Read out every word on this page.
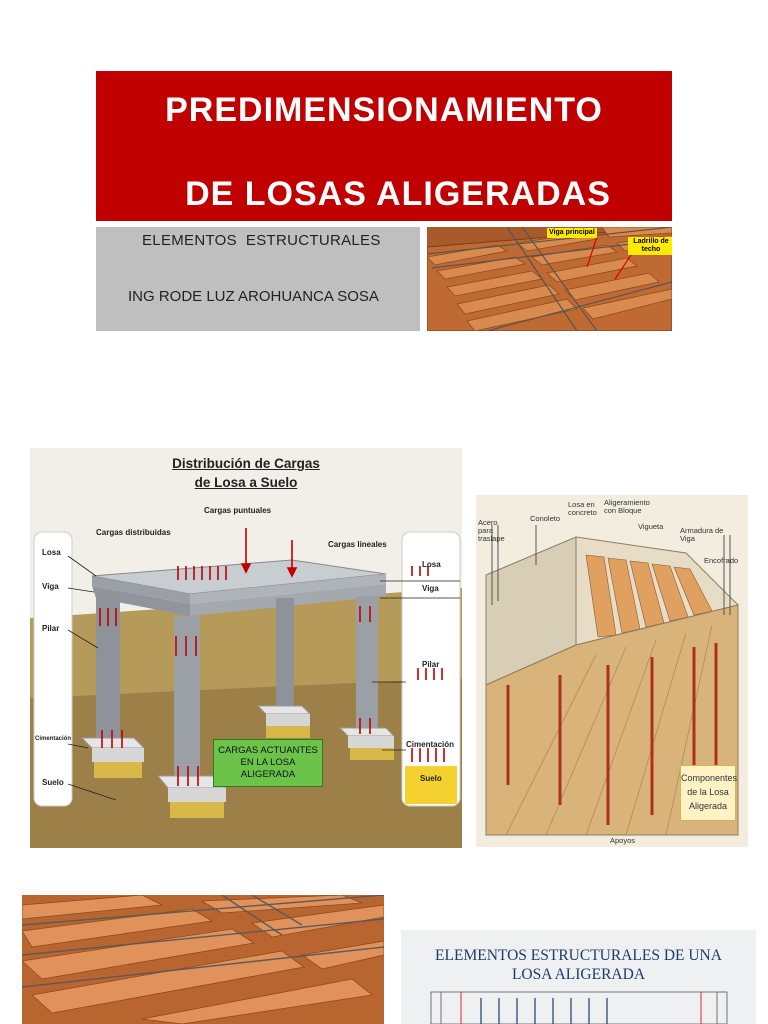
PREDIMENSIONAMIENTO
DE LOSAS ALIGERADAS
ELEMENTOS  ESTRUCTURALES
ING RODE LUZ AROHUANCA SOSA
Viga principal
Ladrillo de techo
Distribución de Cargas
de Losa a Suelo
Cargas puntuales
Cargas distribuidas
Cargas lineales
Losa
Viga
Pilar
Cimentación
Suelo
Losa
Viga
Pilar
Cimentación
Suelo
CARGAS ACTUANTES
EN LA LOSA
ALIGERADA
Acero para traslape
Conoleto
Losa en concreto
Aligeramiento con Bloque
Vigueta Armadura de Viga
Encofrado
Apoyos
Componentes
de la Losa
Aligerada
ELEMENTOS ESTRUCTURALES DE UNA
LOSA ALIGERADA
